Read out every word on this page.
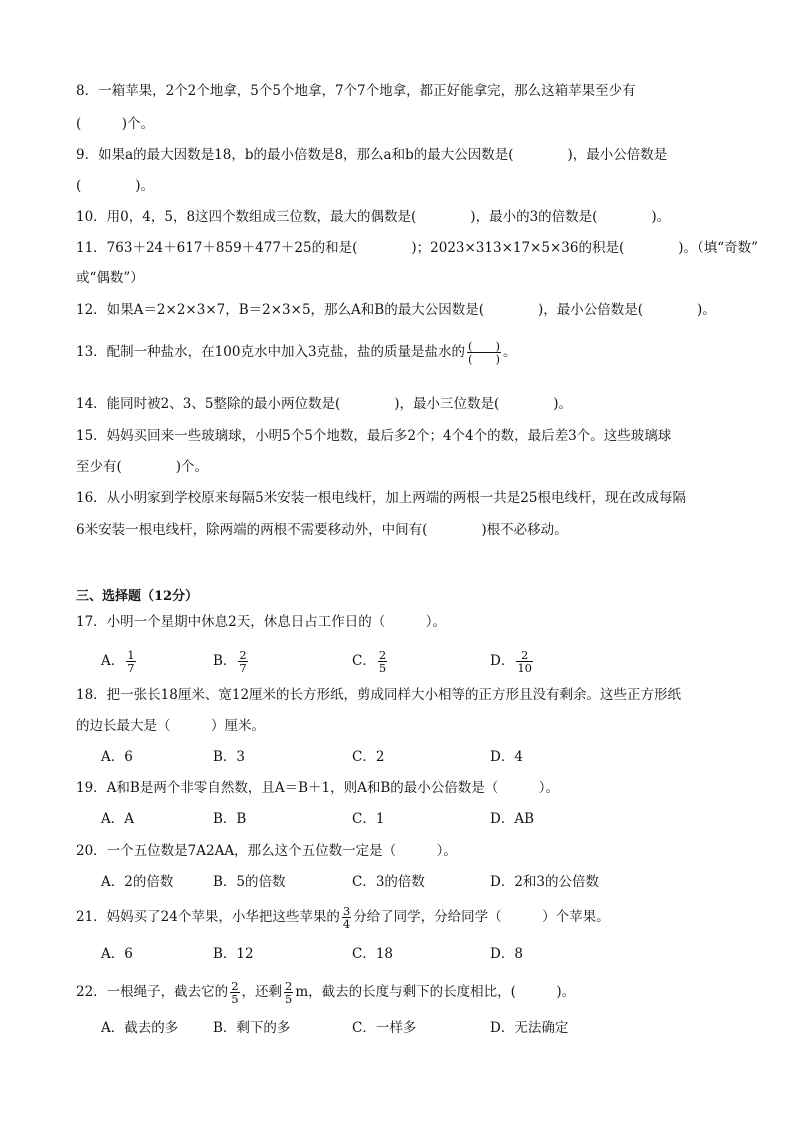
8．一箱苹果，2个2个地拿，5个5个地拿，7个7个地拿，都正好能拿完，那么这箱苹果至少有
(　　　)个。
9．如果a的最大因数是18，b的最小倍数是8，那么a和b的最大公因数是(　　　　)，最小公倍数是
(　　　　)。
10．用0，4，5，8这四个数组成三位数，最大的偶数是(　　　　)，最小的3的倍数是(　　　　)。
11．763＋24＋617＋859＋477＋25的和是(　　　　)；2023×313×17×5×36的积是(　　　　)。（填“奇数”
或“偶数”）
12．如果A＝2×2×3×7，B＝2×3×5，那么A和B的最大公因数是(　　　　)，最小公倍数是(　　　　)。
13．配制一种盐水，在100克水中加入3克盐，盐的质量是盐水的 $\frac{( )}{( )}$ 。
14．能同时被2、3、5整除的最小两位数是(　　　　)，最小三位数是(　　　　)。
15．妈妈买回来一些玻璃球，小明5个5个地数，最后多2个；4个4个的数，最后差3个。这些玻璃球
至少有(　　　　)个。
16．从小明家到学校原来每隔5米安装一根电线杆，加上两端的两根一共是25根电线杆，现在改成每隔
6米安装一根电线杆，除两端的两根不需要移动外，中间有(　　　　)根不必移动。
三、选择题（12分）
17．小明一个星期中休息2天，休息日占工作日的（　　　）。
A． $\frac{1}{7}$	B． $\frac{2}{7}$	C． $\frac{2}{5}$	D． $\frac{2}{10}$
18．把一张长18厘米、宽12厘米的长方形纸，剪成同样大小相等的正方形且没有剩余。这些正方形纸
的边长最大是（　　　）厘米。
A．6	B．3	C．2	D．4
19．A和B是两个非零自然数，且A＝B＋1，则A和B的最小公倍数是（　　　）。
A．A	B．B	C．1	D．AB
20．一个五位数是7A2AA，那么这个五位数一定是（　　　）。
A．2的倍数	B．5的倍数	C．3的倍数	D．2和3的公倍数
21．妈妈买了24个苹果，小华把这些苹果的 $\frac{3}{4}$ 分给了同学，分给同学（　　　）个苹果。
A．6	B．12	C．18	D．8
22．一根绳子，截去它的 $\frac{2}{5}$ ，还剩 $\frac{2}{5}$ m，截去的长度与剩下的长度相比，(　　　)。
A．截去的多	B．剩下的多	C．一样多	D．无法确定
